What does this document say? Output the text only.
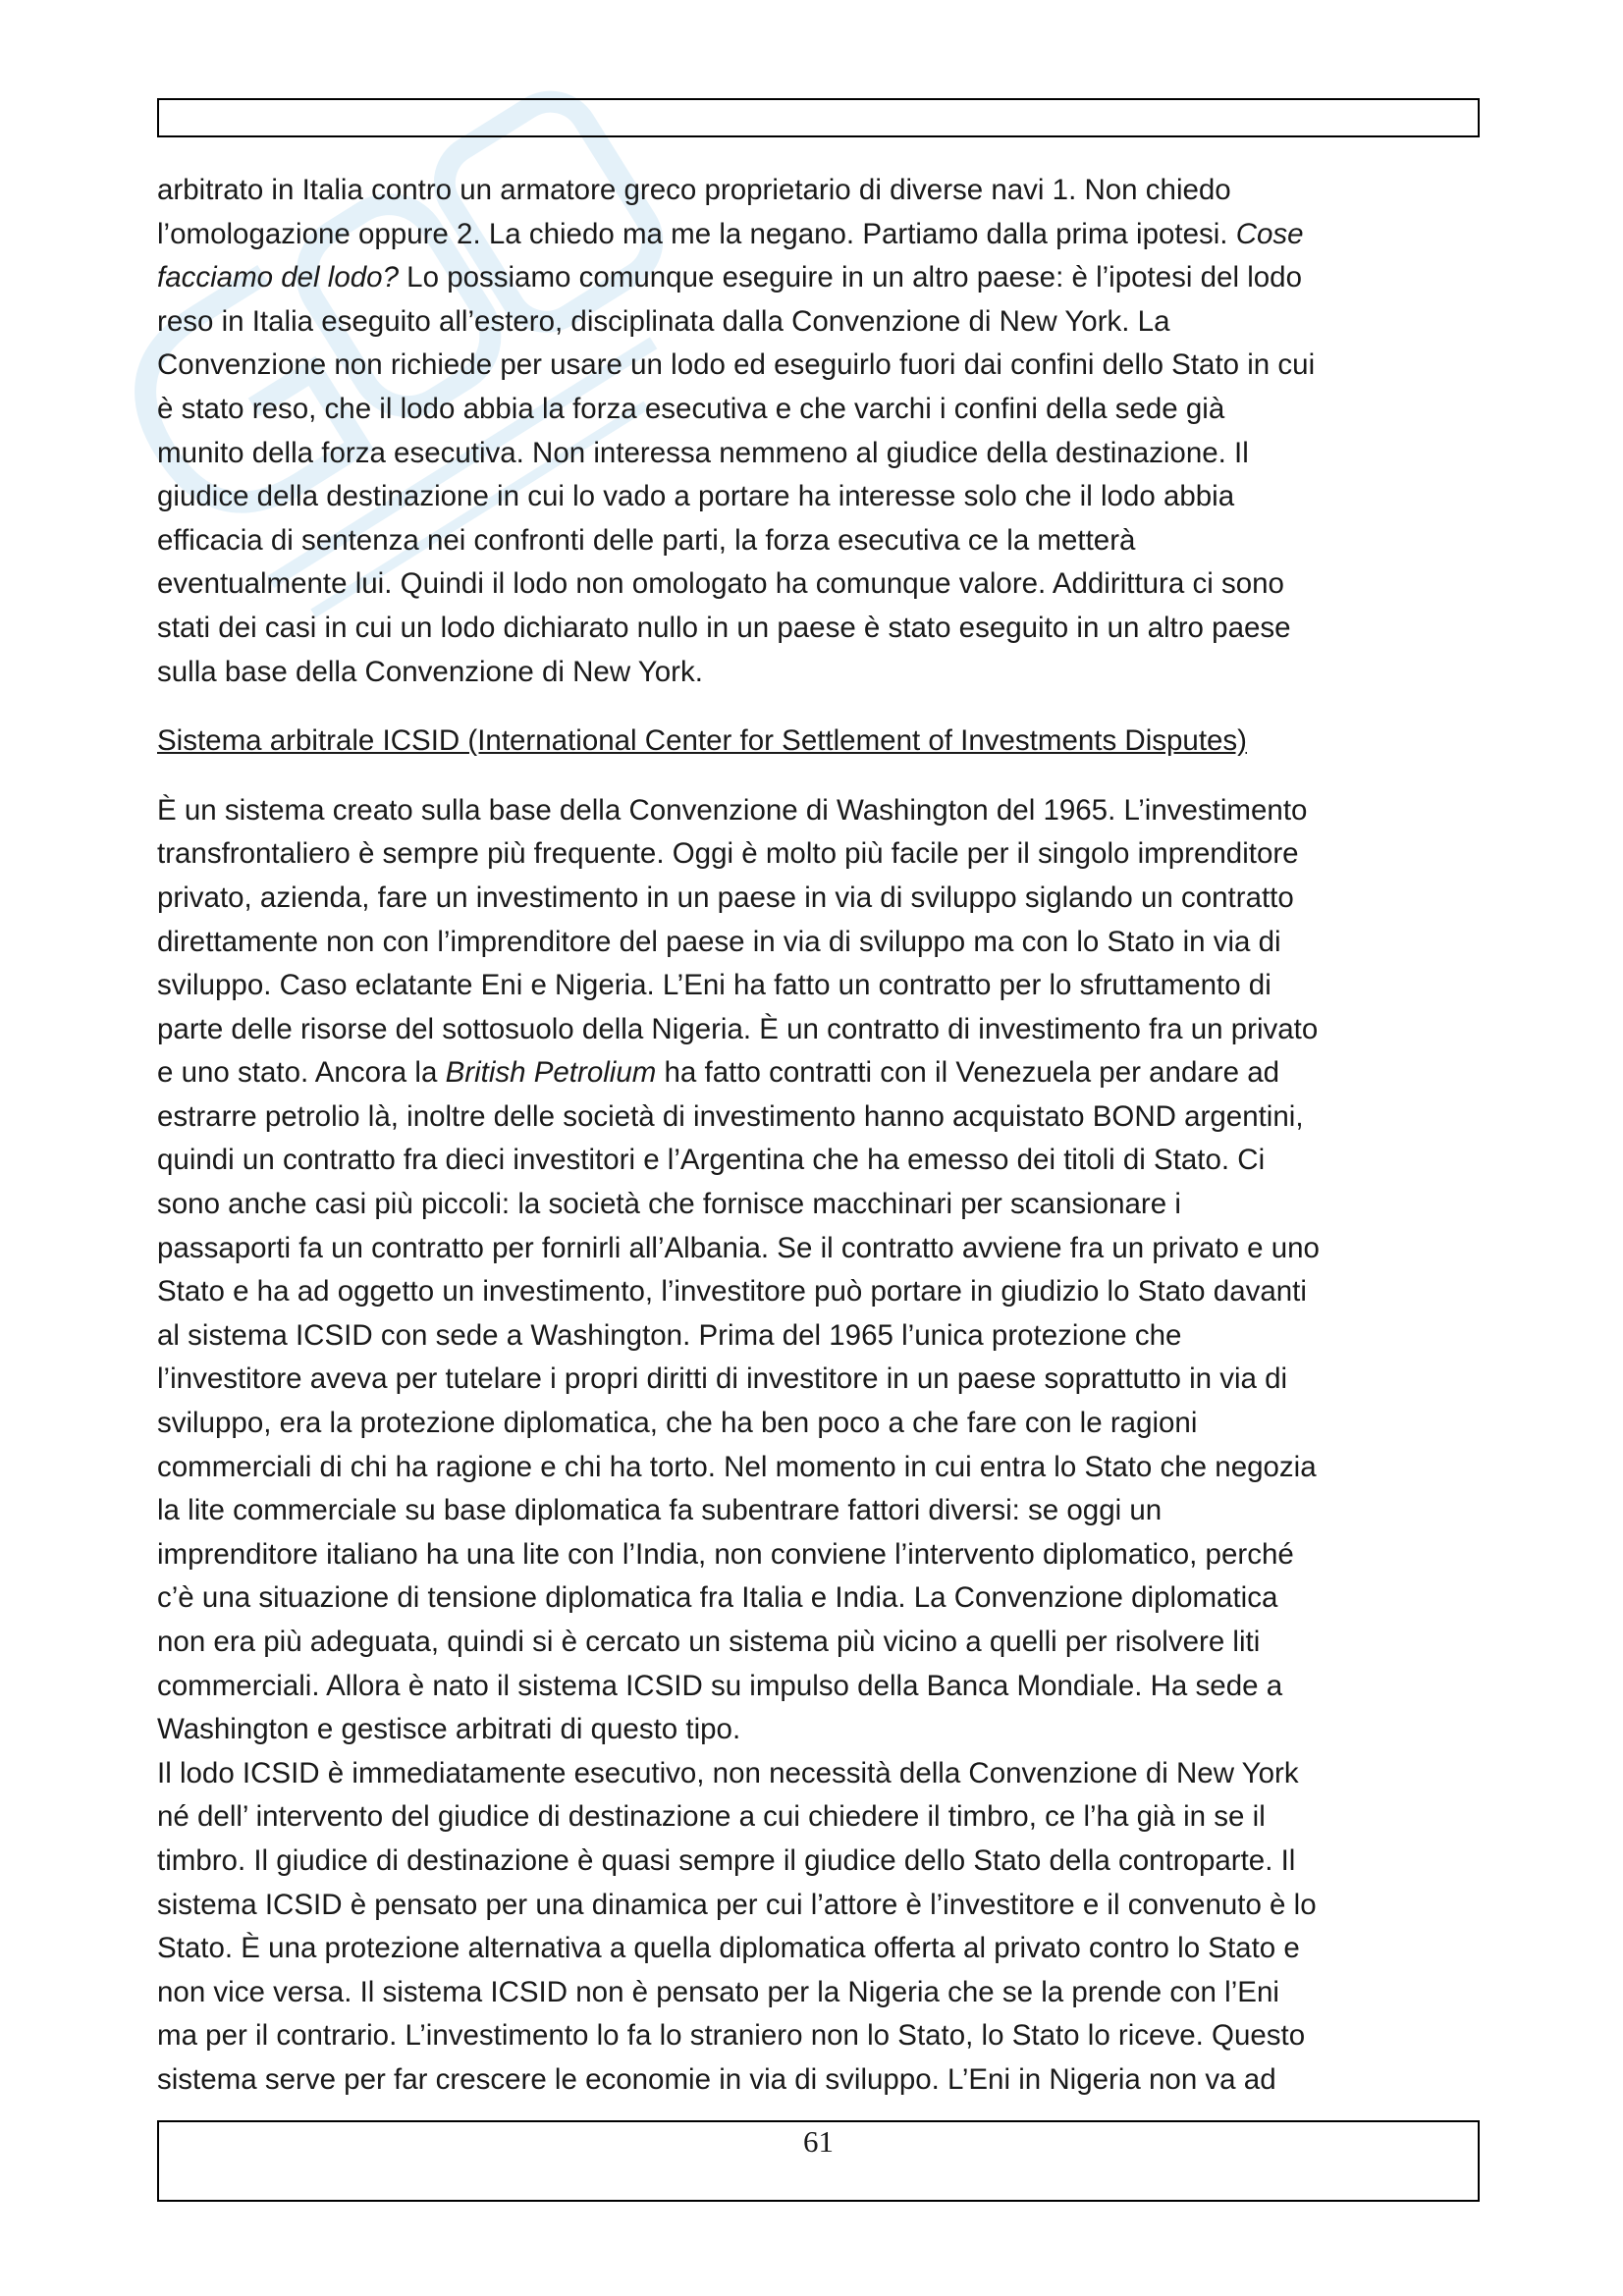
arbitrato in Italia contro un armatore greco proprietario di diverse navi 1. Non chiedo
l’omologazione oppure 2. La chiedo ma me la negano. Partiamo dalla prima ipotesi. Cose
facciamo del lodo? Lo possiamo comunque eseguire in un altro paese: è l’ipotesi del lodo
reso in Italia eseguito all’estero, disciplinata dalla Convenzione di New York. La
Convenzione non richiede per usare un lodo ed eseguirlo fuori dai confini dello Stato in cui
è stato reso, che il lodo abbia la forza esecutiva e che varchi i confini della sede già
munito della forza esecutiva. Non interessa nemmeno al giudice della destinazione. Il
giudice della destinazione in cui lo vado a portare ha interesse solo che il lodo abbia
efficacia di sentenza nei confronti delle parti, la forza esecutiva ce la metterà
eventualmente lui. Quindi il lodo non omologato ha comunque valore. Addirittura ci sono
stati dei casi in cui un lodo dichiarato nullo in un paese è stato eseguito in un altro paese
sulla base della Convenzione di New York.

Sistema arbitrale ICSID (International Center for Settlement of Investments Disputes)

È un sistema creato sulla base della Convenzione di Washington del 1965. L’investimento
transfrontaliero è sempre più frequente. Oggi è molto più facile per il singolo imprenditore
privato, azienda, fare un investimento in un paese in via di sviluppo siglando un contratto
direttamente non con l’imprenditore del paese in via di sviluppo ma con lo Stato in via di
sviluppo. Caso eclatante Eni e Nigeria. L’Eni ha fatto un contratto per lo sfruttamento di
parte delle risorse del sottosuolo della Nigeria. È un contratto di investimento fra un privato
e uno stato. Ancora la British Petrolium ha fatto contratti con il Venezuela per andare ad
estrarre petrolio là, inoltre delle società di investimento hanno acquistato BOND argentini,
quindi un contratto fra dieci investitori e l’Argentina che ha emesso dei titoli di Stato. Ci
sono anche casi più piccoli: la società che fornisce macchinari per scansionare i
passaporti fa un contratto per fornirli all’Albania. Se il contratto avviene fra un privato e uno
Stato e ha ad oggetto un investimento, l’investitore può portare in giudizio lo Stato davanti
al sistema ICSID con sede a Washington. Prima del 1965 l’unica protezione che
l’investitore aveva per tutelare i propri diritti di investitore in un paese soprattutto in via di
sviluppo, era la protezione diplomatica, che ha ben poco a che fare con le ragioni
commerciali di chi ha ragione e chi ha torto. Nel momento in cui entra lo Stato che negozia
la lite commerciale su base diplomatica fa subentrare fattori diversi: se oggi un
imprenditore italiano ha una lite con l’India, non conviene l’intervento diplomatico, perché
c’è una situazione di tensione diplomatica fra Italia e India. La Convenzione diplomatica
non era più adeguata, quindi si è cercato un sistema più vicino a quelli per risolvere liti
commerciali. Allora è nato il sistema ICSID su impulso della Banca Mondiale. Ha sede a
Washington e gestisce arbitrati di questo tipo.

Il lodo ICSID è immediatamente esecutivo, non necessità della Convenzione di New York
né dell’ intervento del giudice di destinazione a cui chiedere il timbro, ce l’ha già in se il
timbro. Il giudice di destinazione è quasi sempre il giudice dello Stato della controparte. Il
sistema ICSID è pensato per una dinamica per cui l’attore è l’investitore e il convenuto è lo
Stato. È una protezione alternativa a quella diplomatica offerta al privato contro lo Stato e
non vice versa. Il sistema ICSID non è pensato per la Nigeria che se la prende con l’Eni
ma per il contrario. L’investimento lo fa lo straniero non lo Stato, lo Stato lo riceve. Questo
sistema serve per far crescere le economie in via di sviluppo. L’Eni in Nigeria non va ad

61
